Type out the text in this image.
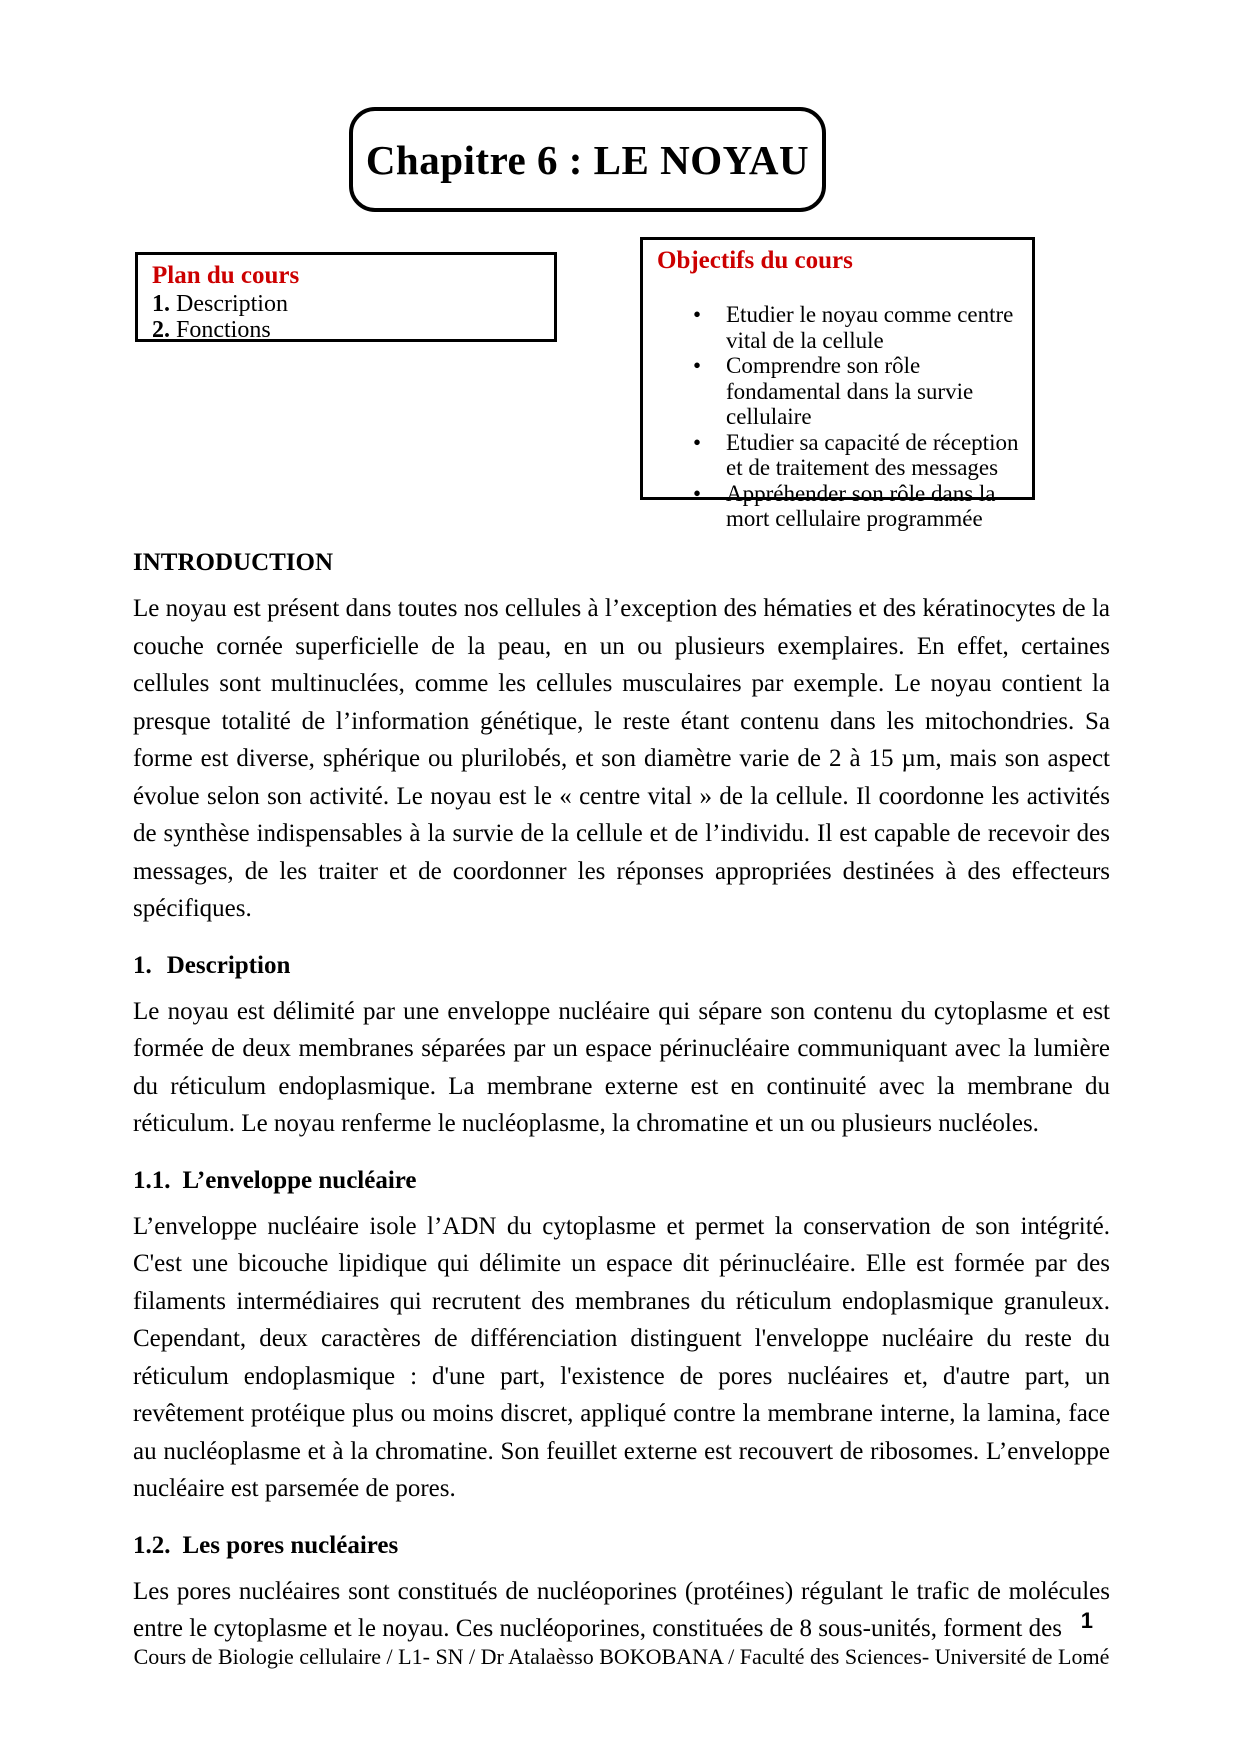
Chapitre 6 : LE NOYAU
Plan du cours
1. Description
2. Fonctions
Objectifs du cours
•	Etudier le noyau comme centre vital de la cellule
•	Comprendre son rôle fondamental dans la survie cellulaire
•	Etudier sa capacité de réception et de traitement des messages
•	Appréhender son rôle dans la mort cellulaire programmée
INTRODUCTION

Le noyau est présent dans toutes nos cellules à l’exception des hématies et des kératinocytes de la couche cornée superficielle de la peau, en un ou plusieurs exemplaires. En effet, certaines cellules sont multinuclées, comme les cellules musculaires par exemple. Le noyau contient la presque totalité de l’information génétique, le reste étant contenu dans les mitochondries. Sa forme est diverse, sphérique ou plurilobés, et son diamètre varie de 2 à 15 µm, mais son aspect évolue selon son activité. Le noyau est le « centre vital » de la cellule. Il coordonne les activités de synthèse indispensables à la survie de la cellule et de l’individu. Il est capable de recevoir des messages, de les traiter et de coordonner les réponses appropriées destinées à des effecteurs spécifiques.

1. Description

Le noyau est délimité par une enveloppe nucléaire qui sépare son contenu du cytoplasme et est formée de deux membranes séparées par un espace périnucléaire communiquant avec la lumière du réticulum endoplasmique. La membrane externe est en continuité avec la membrane du réticulum. Le noyau renferme le nucléoplasme, la chromatine et un ou plusieurs nucléoles.

1.1. L’enveloppe nucléaire

L’enveloppe nucléaire isole l’ADN du cytoplasme et permet la conservation de son intégrité. C'est une bicouche lipidique qui délimite un espace dit périnucléaire. Elle est formée par des filaments intermédiaires qui recrutent des membranes du réticulum endoplasmique granuleux. Cependant, deux caractères de différenciation distinguent l'enveloppe nucléaire du reste du réticulum endoplasmique : d'une part, l'existence de pores nucléaires et, d'autre part, un revêtement protéique plus ou moins discret, appliqué contre la membrane interne, la lamina, face au nucléoplasme et à la chromatine. Son feuillet externe est recouvert de ribosomes. L’enveloppe nucléaire est parsemée de pores.

1.2. Les pores nucléaires

Les pores nucléaires sont constitués de nucléoporines (protéines) régulant le trafic de molécules entre le cytoplasme et le noyau. Ces nucléoporines, constituées de 8 sous-unités, forment des 1
Cours de Biologie cellulaire / L1- SN / Dr Atalaèsso BOKOBANA / Faculté des Sciences- Université de Lomé
